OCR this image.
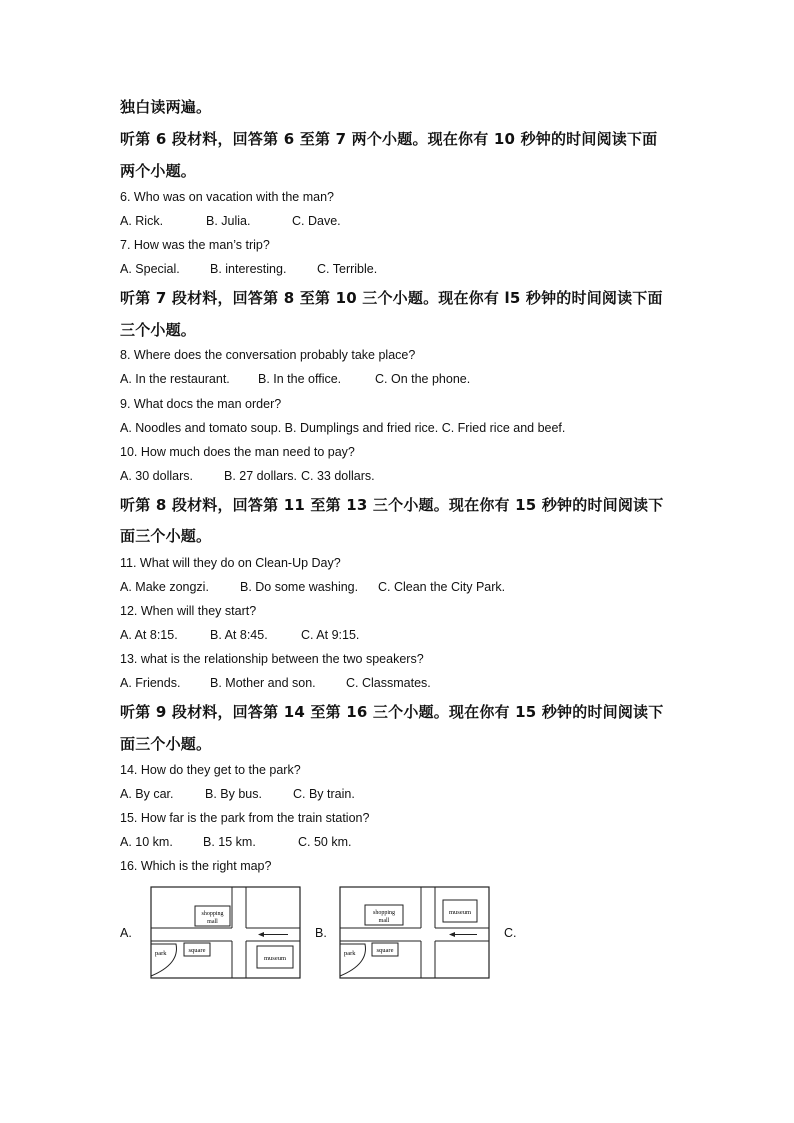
独白读两遍。
听第 6 段材料，回答第 6 至第 7 两个小题。现在你有 10 秒钟的时间阅读下面
两个小题。
6. Who was on vacation with the man?
A. Rick.	B. Julia.	C. Dave.
7. How was the man’s trip?
A. Special. B. interesting. C. Terrible.
听第 7 段材料，回答第 8 至第 10 三个小题。现在你有 l5 秒钟的时间阅读下面
三个小题。
8. Where does the conversation probably take place?
A. In the restaurant. B. In the office.	C. On the phone.
9. What docs the man order?
A. Noodles and tomato soup. B. Dumplings and fried rice. C. Fried rice and beef.
10. How much does the man need to pay?
A. 30 dollars. B. 27 dollars. C. 33 dollars.
听第 8 段材料，回答第 11 至第 13 三个小题。现在你有 15 秒钟的时间阅读下
面三个小题。
11. What will they do on Clean-Up Day?
A. Make zongzi. B. Do some washing. C. Clean the City Park.
12. When will they start?
A. At 8:15.	B. At 8:45.	C. At 9:15.
13. what is the relationship between the two speakers?
A. Friends. B. Mother and son. C. Classmates.
听第 9 段材料，回答第 14 至第 16 三个小题。现在你有 15 秒钟的时间阅读下
面三个小题。
14. How do they get to the park?
A. By car.	B. By bus. C. By train.
15. How far is the park from the train station?
A. 10 km. B. 15 km.	C. 50 km.
16. Which is the right map?
A.	B.	C.
shopping
mall
park	square
museum
shopping
mall
museum
park	square
